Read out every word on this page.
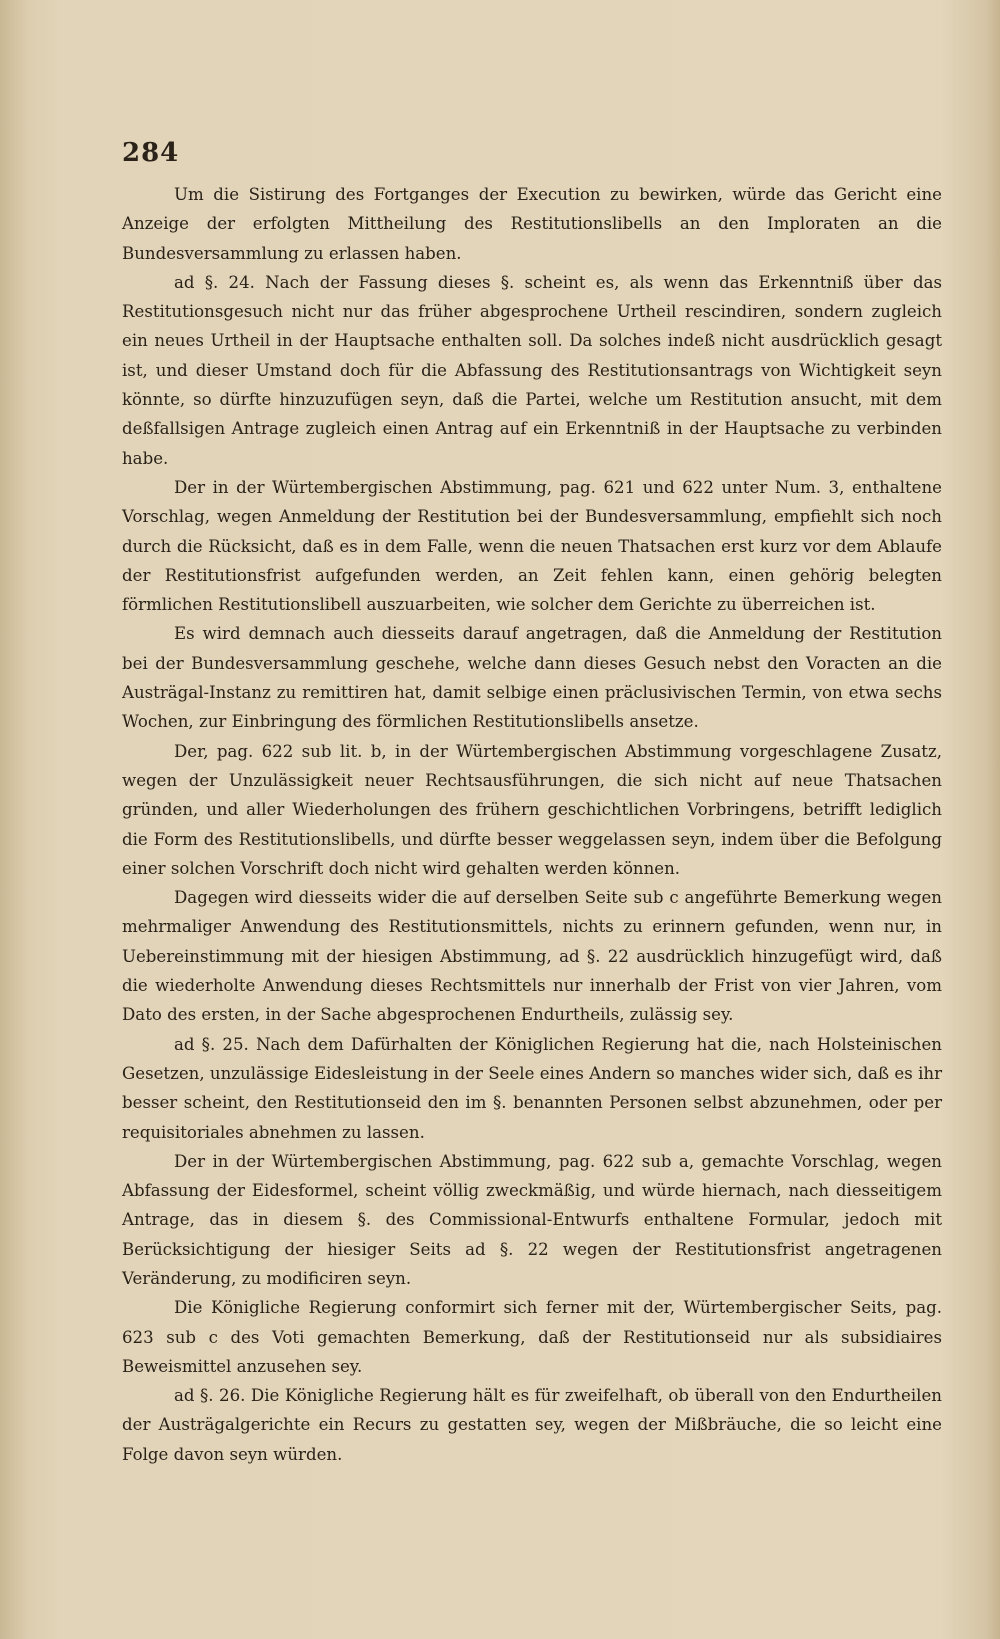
284

Um die Sistirung des Fortganges der Execution zu bewirken, würde das Gericht eine Anzeige der erfolgten Mittheilung des Restitutionslibells an den Imploraten an die Bundesversammlung zu erlassen haben.

ad §. 24. Nach der Fassung dieses §. scheint es, als wenn das Erkenntniß über das Restitutionsgesuch nicht nur das früher abgesprochene Urtheil rescindiren, sondern zugleich ein neues Urtheil in der Hauptsache enthalten soll. Da solches indeß nicht ausdrücklich gesagt ist, und dieser Umstand doch für die Abfassung des Restitutionsantrags von Wichtigkeit seyn könnte, so dürfte hinzuzufügen seyn, daß die Partei, welche um Restitution ansucht, mit dem deßfallsigen Antrage zugleich einen Antrag auf ein Erkenntniß in der Hauptsache zu verbinden habe.

Der in der Würtembergischen Abstimmung, pag. 621 und 622 unter Num. 3, enthaltene Vorschlag, wegen Anmeldung der Restitution bei der Bundesversammlung, empfiehlt sich noch durch die Rücksicht, daß es in dem Falle, wenn die neuen Thatsachen erst kurz vor dem Ablaufe der Restitutionsfrist aufgefunden werden, an Zeit fehlen kann, einen gehörig belegten förmlichen Restitutionslibell auszuarbeiten, wie solcher dem Gerichte zu überreichen ist.

Es wird demnach auch diesseits darauf angetragen, daß die Anmeldung der Restitution bei der Bundesversammlung geschehe, welche dann dieses Gesuch nebst den Voracten an die Austrägal-Instanz zu remittiren hat, damit selbige einen präclusivischen Termin, von etwa sechs Wochen, zur Einbringung des förmlichen Restitutionslibells ansetze.

Der, pag. 622 sub lit. b, in der Würtembergischen Abstimmung vorgeschlagene Zusatz, wegen der Unzulässigkeit neuer Rechtsausführungen, die sich nicht auf neue Thatsachen gründen, und aller Wiederholungen des frühern geschichtlichen Vorbringens, betrifft lediglich die Form des Restitutionslibells, und dürfte besser weggelassen seyn, indem über die Befolgung einer solchen Vorschrift doch nicht wird gehalten werden können.

Dagegen wird diesseits wider die auf derselben Seite sub c angeführte Bemerkung wegen mehrmaliger Anwendung des Restitutionsmittels, nichts zu erinnern gefunden, wenn nur, in Uebereinstimmung mit der hiesigen Abstimmung, ad §. 22 ausdrücklich hinzugefügt wird, daß die wiederholte Anwendung dieses Rechtsmittels nur innerhalb der Frist von vier Jahren, vom Dato des ersten, in der Sache abgesprochenen Endurtheils, zulässig sey.

ad §. 25. Nach dem Dafürhalten der Königlichen Regierung hat die, nach Holsteinischen Gesetzen, unzulässige Eidesleistung in der Seele eines Andern so manches wider sich, daß es ihr besser scheint, den Restitutionseid den im §. benannten Personen selbst abzunehmen, oder per requisitoriales abnehmen zu lassen.

Der in der Würtembergischen Abstimmung, pag. 622 sub a, gemachte Vorschlag, wegen Abfassung der Eidesformel, scheint völlig zweckmäßig, und würde hiernach, nach diesseitigem Antrage, das in diesem §. des Commissional-Entwurfs enthaltene Formular, jedoch mit Berücksichtigung der hiesiger Seits ad §. 22 wegen der Restitutionsfrist angetragenen Veränderung, zu modificiren seyn.

Die Königliche Regierung conformirt sich ferner mit der, Würtembergischer Seits, pag. 623 sub c des Voti gemachten Bemerkung, daß der Restitutionseid nur als subsidiaires Beweismittel anzusehen sey.

ad §. 26. Die Königliche Regierung hält es für zweifelhaft, ob überall von den Endurtheilen der Austrägalgerichte ein Recurs zu gestatten sey, wegen der Mißbräuche, die so leicht eine Folge davon seyn würden.
